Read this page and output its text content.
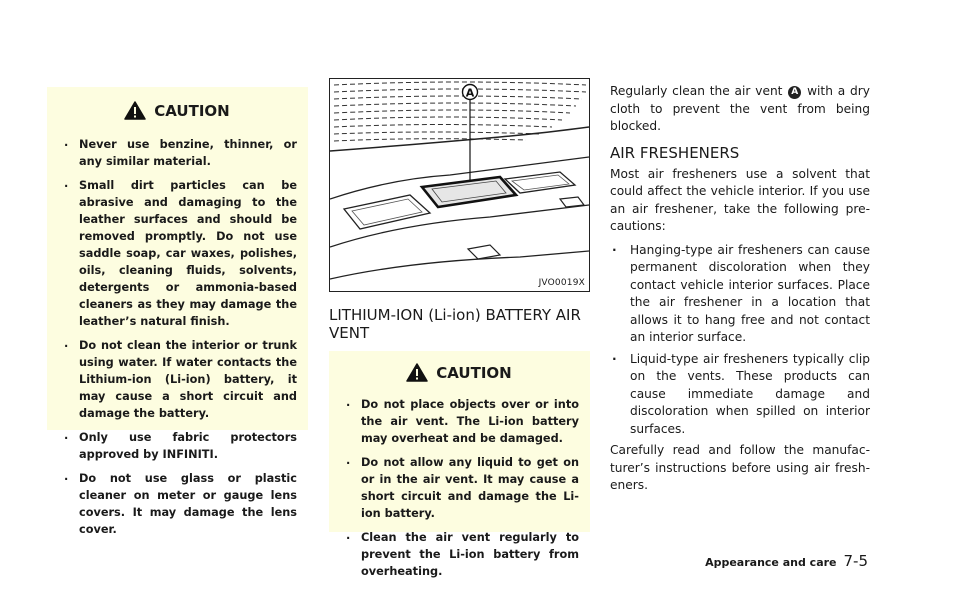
CAUTION
. Never use benzine, thinner, or any similar material.
. Small dirt particles can be abrasive and damaging to the leather surfaces and should be removed promptly. Do not use saddle soap, car waxes, polishes, oils, cleaning fluids, solvents, detergents or ammonia-based cleaners as they may damage the leather’s natural finish.
. Do not clean the interior or trunk using water. If water contacts the Lithium-ion (Li-ion) battery, it may cause a short circuit and damage the battery.
. Only use fabric protectors approved by INFINITI.
. Do not use glass or plastic cleaner on meter or gauge lens covers. It may damage the lens cover.
A
JVO0019X
LITHIUM-ION (Li-ion) BATTERY AIR VENT
CAUTION
. Do not place objects over or into the air vent. The Li-ion battery may overheat and be damaged.
. Do not allow any liquid to get on or in the air vent. It may cause a short circuit and damage the Li-ion battery.
. Clean the air vent regularly to prevent the Li-ion battery from overheating.

Regularly clean the air vent A with a dry cloth to prevent the vent from being blocked.

AIR FRESHENERS

Most air fresheners use a solvent that could affect the vehicle interior. If you use an air freshener, take the following pre-cautions:

. Hanging-type air fresheners can cause permanent discoloration when they contact vehicle interior surfaces. Place the air freshener in a location that allows it to hang free and not contact an interior surface.
. Liquid-type air fresheners typically clip on the vents. These products can cause immediate damage and discoloration when spilled on interior surfaces.

Carefully read and follow the manufac-turer’s instructions before using air fresh-eners.

Appearance and care 7-5
